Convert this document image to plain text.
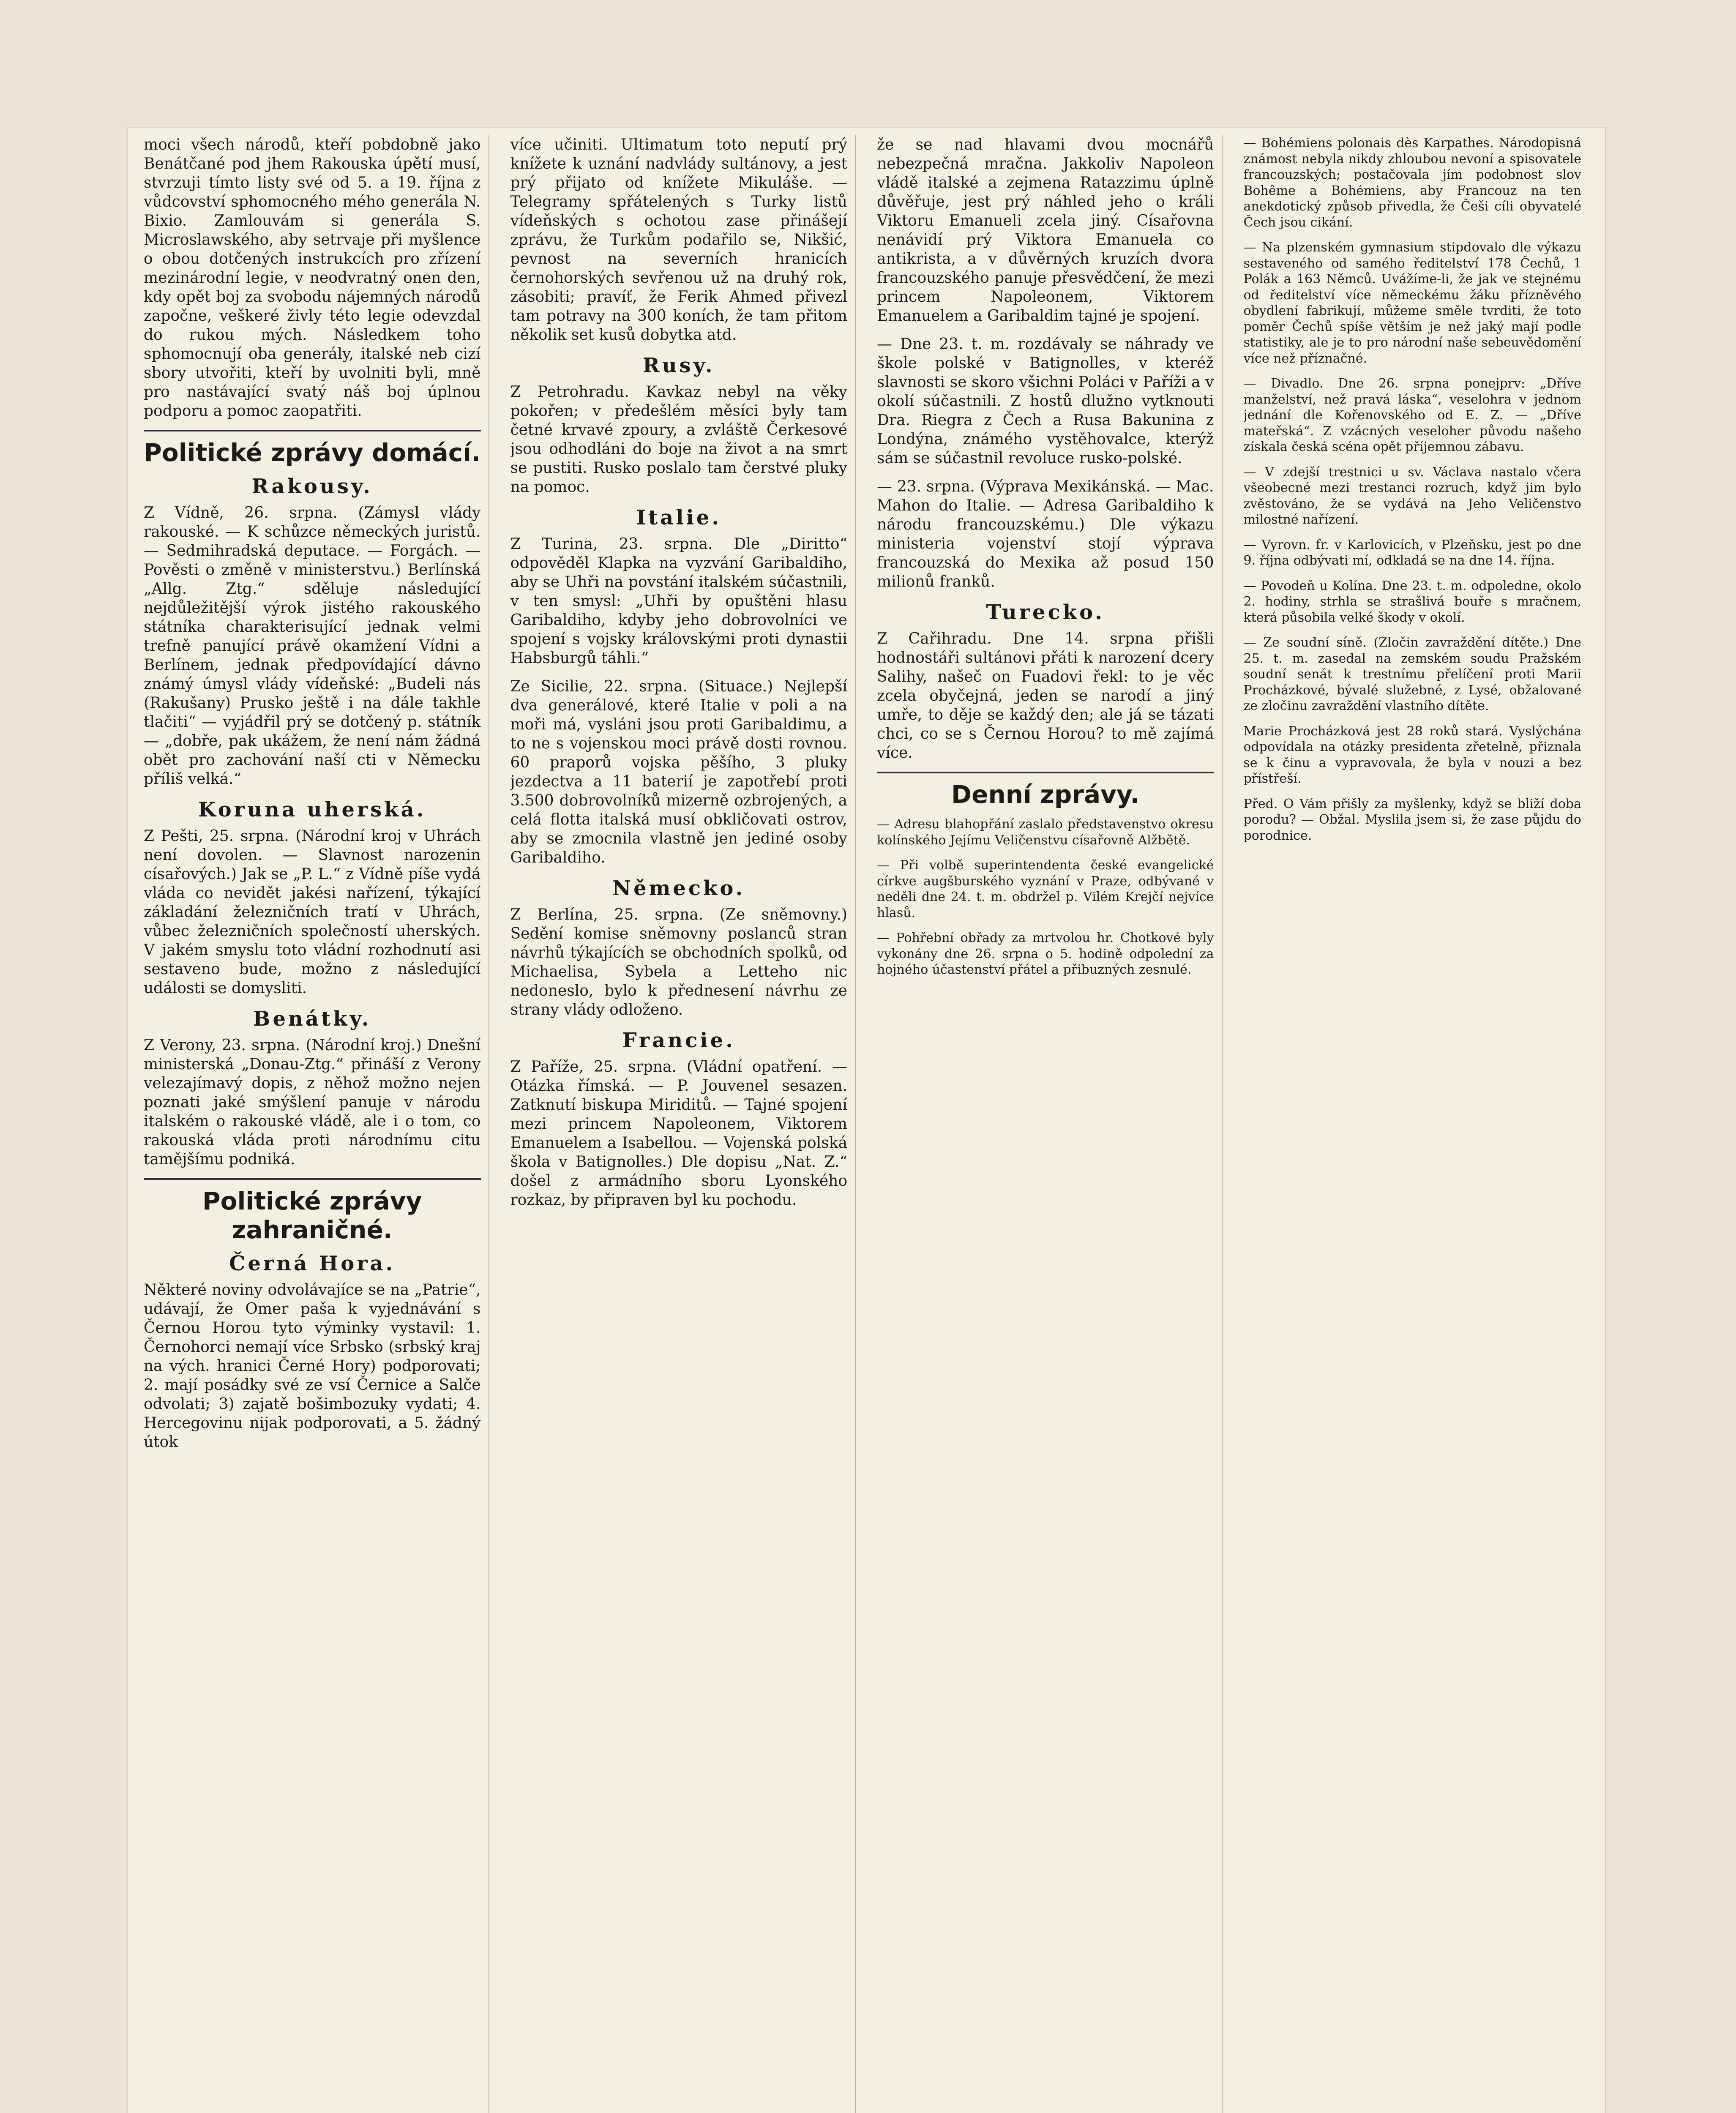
moci všech národů, kteří pobdobně jako Benátčané pod jhem Rakouska úpětí musí, stvrzuji tímto listy své od 5. a 19. října z vůdcovství sphomocného mého generála N. Bixio. Zamlouvám si generála S. Microslawského, aby setrvaje při myšlence o obou dotčených instrukcích pro zřízení mezinárodní legie, v neodvratný onen den, kdy opět boj za svobodu nájemných národů započne, veškeré živly této legie odevzdal do rukou mých. Následkem toho sphomocnují oba generály, italské neb cizí sbory utvořiti, kteří by uvolniti byli, mně pro nastávající svatý náš boj úplnou podporu a pomoc zaopatřiti.

Politické zprávy domácí.
Rakousy.

Z Vídně, 26. srpna. (Zámysl vlády rakouské. — K schůzce německých juristů. — Sedmihradská deputace. — Forgách. — Pověsti o změně v ministerstvu.) Berlínská „Allg. Ztg.“ sděluje následující nejdůležitější výrok jistého rakouského státníka charakterisující jednak velmi trefně panující právě okamžení Vídni a Berlínem, jednak předpovídající dávno známý úmysl vlády vídeňské: „Budeli nás (Rakušany) Prusko ještě i na dále takhle tlačiti“ — vyjádřil prý se dotčený p. státník — „dobře, pak ukážem, že není nám žádná obět pro zachování naší cti v Německu příliš velká.“

Koruna uherská.

Z Pešti, 25. srpna. (Národní kroj v Uhrách není dovolen. — Slavnost narozenin císařových.) Jak se „P. L.“ z Vídně píše vydá vláda co nevidět jakési nařízení, týkající základání železničních tratí v Uhrách, vůbec železničních společností uherských. V jakém smyslu toto vládní rozhodnutí asi sestaveno bude, možno z následující události se domysliti.

Benátky.

Z Verony, 23. srpna. (Národní kroj.) Dnešní ministerská „Donau-Ztg.“ přináší z Verony velezajímavý dopis, z něhož možno nejen poznati jaké smýšlení panuje v národu italském o rakouské vládě, ale i o tom, co rakouská vláda proti národnímu citu tamějšímu podniká.

Politické zprávy zahraničné.
Černá Hora.

Některé noviny odvolávajíce se na „Patrie“, udávají, že Omer paša k vyjednávání s Černou Horou tyto výminky vystavil: 1. Černohorci nemají více Srbsko (srbský kraj na vých. hranici Černé Hory) podporovati; 2. mají posádky své ze vsí Černice a Salče odvolati; 3) zajatě bošimbozuky vydati; 4. Hercegovinu nijak podporovati, a 5. žádný útok

více učiniti. Ultimatum toto neputí prý knížete k uznání nadvlády sultánovy, a jest prý přijato od knížete Mikuláše. — Telegramy spřátelených s Turky listů vídeňských s ochotou zase přinášejí zprávu, že Turkům podařilo se, Nikšić, pevnost na severních hranicích černohorských sevřenou už na druhý rok, zásobiti; pravíť, že Ferik Ahmed přivezl tam potravy na 300 koních, že tam přitom několik set kusů dobytka atd.

Rusy.

Z Petrohradu. Kavkaz nebyl na věky pokořen; v předešlém měsíci byly tam četné krvavé zpoury, a zvláště Čerkesové jsou odhodláni do boje na život a na smrt se pustiti. Rusko poslalo tam čerstvé pluky na pomoc.

Italie.

Z Turina, 23. srpna. Dle „Diritto“ odpověděl Klapka na vyzvání Garibaldiho, aby se Uhři na povstání italském súčastnili, v ten smysl: „Uhři by opuštěni hlasu Garibaldiho, kdyby jeho dobrovolníci ve spojení s vojsky královskými proti dynastii Habsburgů táhli.“

Ze Sicilie, 22. srpna. (Situace.) Nejlepší dva generálové, které Italie v poli a na moři má, vysláni jsou proti Garibaldimu, a to ne s vojenskou moci právě dosti rovnou. 60 praporů vojska pěšího, 3 pluky jezdectva a 11 baterií je zapotřebí proti 3.500 dobrovolníků mizerně ozbrojených, a celá flotta italská musí obkličovati ostrov, aby se zmocnila vlastně jen jediné osoby Garibaldiho.

Německo.

Z Berlína, 25. srpna. (Ze sněmovny.) Sedění komise sněmovny poslanců stran návrhů týkajících se obchodních spolků, od Michaelisa, Sybela a Letteho nic nedoneslo, bylo k přednesení návrhu ze strany vlády odloženo.

Francie.

Z Paříže, 25. srpna. (Vládní opatření. — Otázka římská. — P. Jouvenel sesazen. Zatknutí biskupa Miriditů. — Tajné spojení mezi princem Napoleonem, Viktorem Emanuelem a Isabellou. — Vojenská polská škola v Batignolles.) Dle dopisu „Nat. Z.“ došel z armádního sboru Lyonského rozkaz, by připraven byl ku pochodu.

že se nad hlavami dvou mocnářů nebezpečná mračna. Jakkoliv Napoleon vládě italské a zejmena Ratazzimu úplně důvěřuje, jest prý náhled jeho o králi Viktoru Emanueli zcela jiný. Císařovna nenávidí prý Viktora Emanuela co antikrista, a v důvěrných kruzích dvora francouzského panuje přesvědčení, že mezi princem Napoleonem, Viktorem Emanuelem a Garibaldim tajné je spojení.

— Dne 23. t. m. rozdávaly se náhrady ve škole polské v Batignolles, v kteréž slavnosti se skoro všichni Poláci v Paříži a v okolí súčastnili. Z hostů dlužno vytknouti Dra. Riegra z Čech a Rusa Bakunina z Londýna, známého vystěhovalce, kterýž sám se súčastnil revoluce rusko-polské.

— 23. srpna. (Výprava Mexikánská. — Mac. Mahon do Italie. — Adresa Garibaldiho k národu francouzskému.) Dle výkazu ministeria vojenství stojí výprava francouzská do Mexika až posud 150 milionů franků.

Turecko.

Z Cařihradu. Dne 14. srpna přišli hodnostáři sultánovi přáti k narození dcery Salihy, našeč on Fuadovi řekl: to je věc zcela obyčejná, jeden se narodí a jiný umře, to děje se každý den; ale já se tázati chci, co se s Černou Horou? to mě zajímá více.

Denní zprávy.

— Adresu blahopřání zaslalo představenstvo okresu kolínského Jejímu Veličenstvu císařovně Alžbětě.

— Při volbě superintendenta české evangelické církve augšburského vyznání v Praze, odbývané v neděli dne 24. t. m. obdržel p. Vilém Krejčí nejvíce hlasů.

— Pohřební obřady za mrtvolou hr. Chotkové byly vykonány dne 26. srpna o 5. hodině odpolední za hojného účastenství přátel a přibuzných zesnulé.

— Bohémiens polonais dès Karpathes. Národopisná známost nebyla nikdy zhloubou nevoní a spisovatele francouzských; postačovala jím podobnost slov Bohême a Bohémiens, aby Francouz na ten anekdotický způsob přivedla, že Češi cíli obyvatelé Čech jsou cikání.

— Na plzenském gymnasium stipdovalo dle výkazu sestaveného od samého ředitelství 178 Čechů, 1 Polák a 163 Němců. Uvážíme-li, že jak ve stejnému od ředitelství více německému žáku přízněvého obydlení fabrikují, můžeme směle tvrditi, že toto poměr Čechů spíše větším je než jaký mají podle statistiky, ale je to pro národní naše sebeuvědomění více než příznačné.

— Divadlo. Dne 26. srpna ponejprv: „Dříve manželství, než pravá láska“, veselohra v jednom jednání dle Kořenovského od E. Z. — „Dříve mateřská“. Z vzácných veseloher původu našeho získala česká scéna opět příjemnou zábavu.

— V zdejší trestnici u sv. Václava nastalo včera všeobecné mezi trestanci rozruch, když jim bylo zvěstováno, že se vydává na Jeho Veličenstvo milostné nařízení.

— Vyrovn. fr. v Karlovicích, v Plzeňsku, jest po dne 9. října odbývati mí, odkladá se na dne 14. října.

— Povodeň u Kolína. Dne 23. t. m. odpoledne, okolo 2. hodiny, strhla se strašlivá bouře s mračnem, která působila velké škody v okolí.

— Ze soudní síně. (Zločin zavraždění dítěte.) Dne 25. t. m. zasedal na zemském soudu Pražském soudní senát k trestnímu přelíčení proti Marii Procházkové, bývalé služebné, z Lysé, obžalované ze zločinu zavraždění vlastního dítěte.

Marie Procházková jest 28 roků stará. Vyslýchána odpovídala na otázky presidenta zřetelně, přiznala se k činu a vypravovala, že byla v nouzi a bez přístřeší.

Před. O Vám přišly za myšlenky, když se bliží doba porodu? — Obžal. Myslila jsem si, že zase půjdu do porodnice.
